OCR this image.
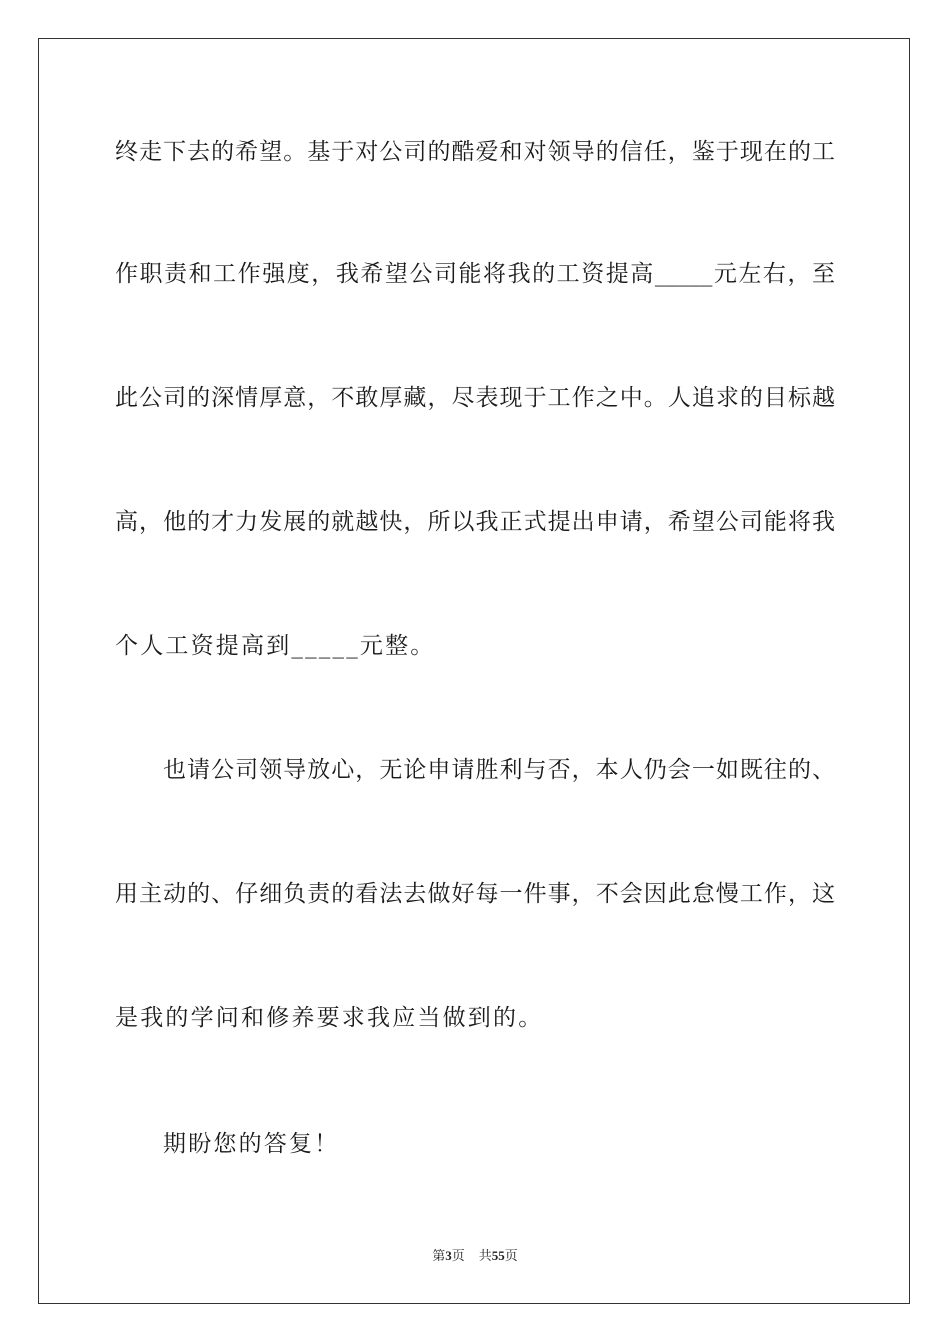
终走下去的希望。基于对公司的酷爱和对领导的信任，鉴于现在的工
作职责和工作强度，我希望公司能将我的工资提高_____元左右，至
此公司的深情厚意，不敢厚藏，尽表现于工作之中。人追求的目标越
高，他的才力发展的就越快，所以我正式提出申请，希望公司能将我
个人工资提高到_____元整。
也请公司领导放心，无论申请胜利与否，本人仍会一如既往的、
用主动的、仔细负责的看法去做好每一件事，不会因此怠慢工作，这
是我的学问和修养要求我应当做到的。
期盼您的答复！
第3页 共55页
